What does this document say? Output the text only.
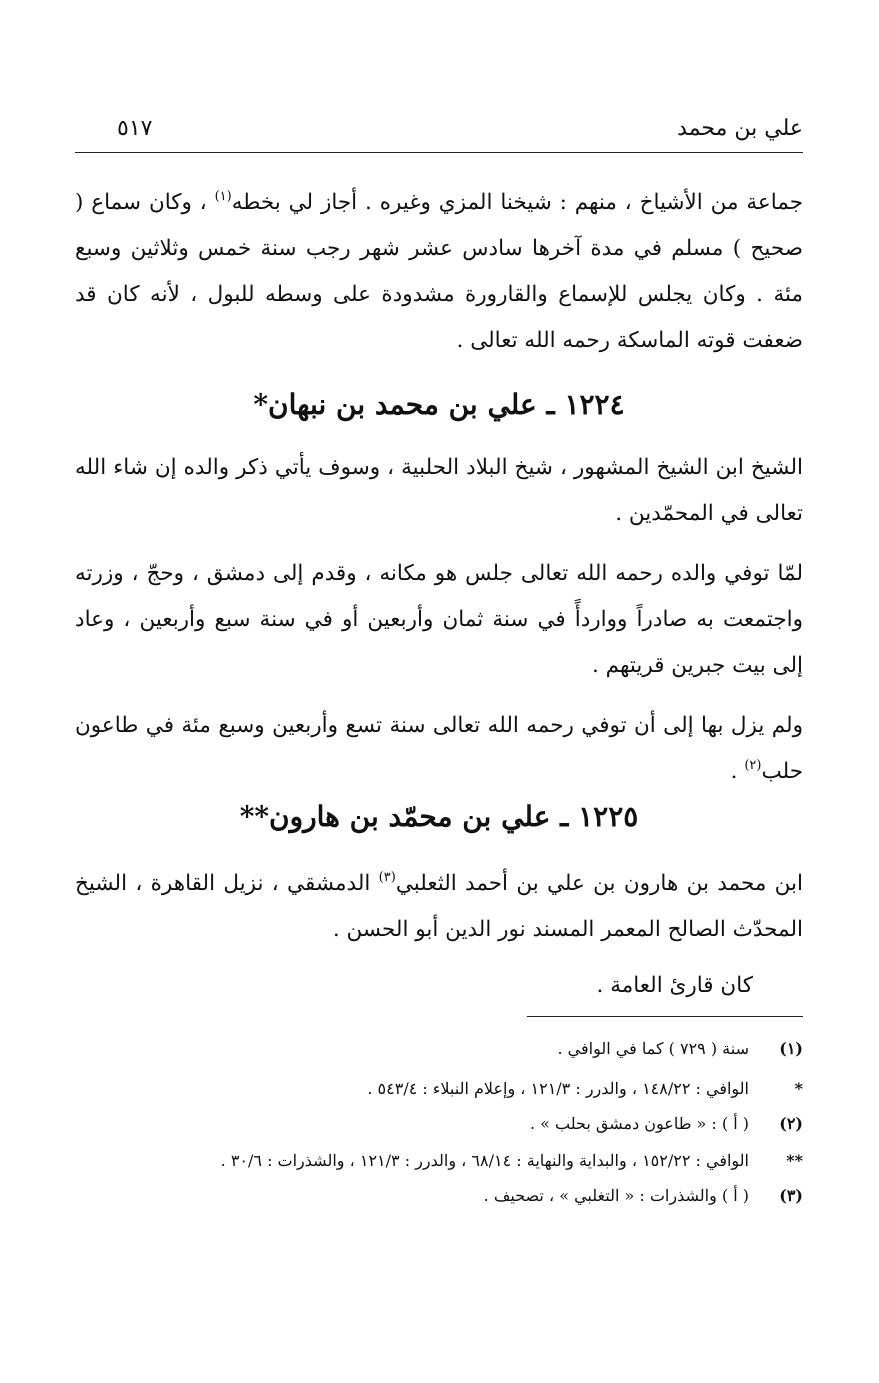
علي بن محمد
٥١٧
جماعة من الأشياخ ، منهم : شيخنا المزي وغيره . أجاز لي بخطه$^{(١)}$ ، وكان سماع ( صحيح ) مسلم في مدة آخرها سادس عشر شهر رجب سنة خمس وثلاثين وسبع مئة . وكان يجلس للإسماع والقارورة مشدودة على وسطه للبول ، لأنه كان قد ضعفت قوته الماسكة رحمه الله تعالى .
١٢٢٤ ـ علي بن محمد بن نبهان*
الشيخ ابن الشيخ المشهور ، شيخ البلاد الحلبية ، وسوف يأتي ذكر والده إن شاء الله تعالى في المحمّدين .
لمّا توفي والده رحمه الله تعالى جلس هو مكانه ، وقدم إلى دمشق ، وحجّ ، وزرته واجتمعت به صادراً وواردأً في سنة ثمان وأربعين أو في سنة سبع وأربعين ، وعاد إلى بيت جبرين قريتهم .
ولم يزل بها إلى أن توفي رحمه الله تعالى سنة تسع وأربعين وسبع مئة في طاعون حلب$^{(٢)}$ .
١٢٢٥ ـ علي بن محمّد بن هارون**
ابن محمد بن هارون بن علي بن أحمد الثعلبي$^{(٣)}$ الدمشقي ، نزيل القاهرة ، الشيخ المحدّث الصالح المعمر المسند نور الدين أبو الحسن .
كان قارئ العامة .
(١)سنة ( ٧٢٩ ) كما في الوافي .
*الوافي : ١٤٨/٢٢ ، والدرر : ١٢١/٣ ، وإعلام النبلاء : ٥٤٣/٤ .
(٢)( أ ) : « طاعون دمشق بحلب » .
**الوافي : ١٥٢/٢٢ ، والبداية والنهاية : ٦٨/١٤ ، والدرر : ١٢١/٣ ، والشذرات : ٣٠/٦ .
(٣)( أ ) والشذرات : « التغلبي » ، تصحيف .
